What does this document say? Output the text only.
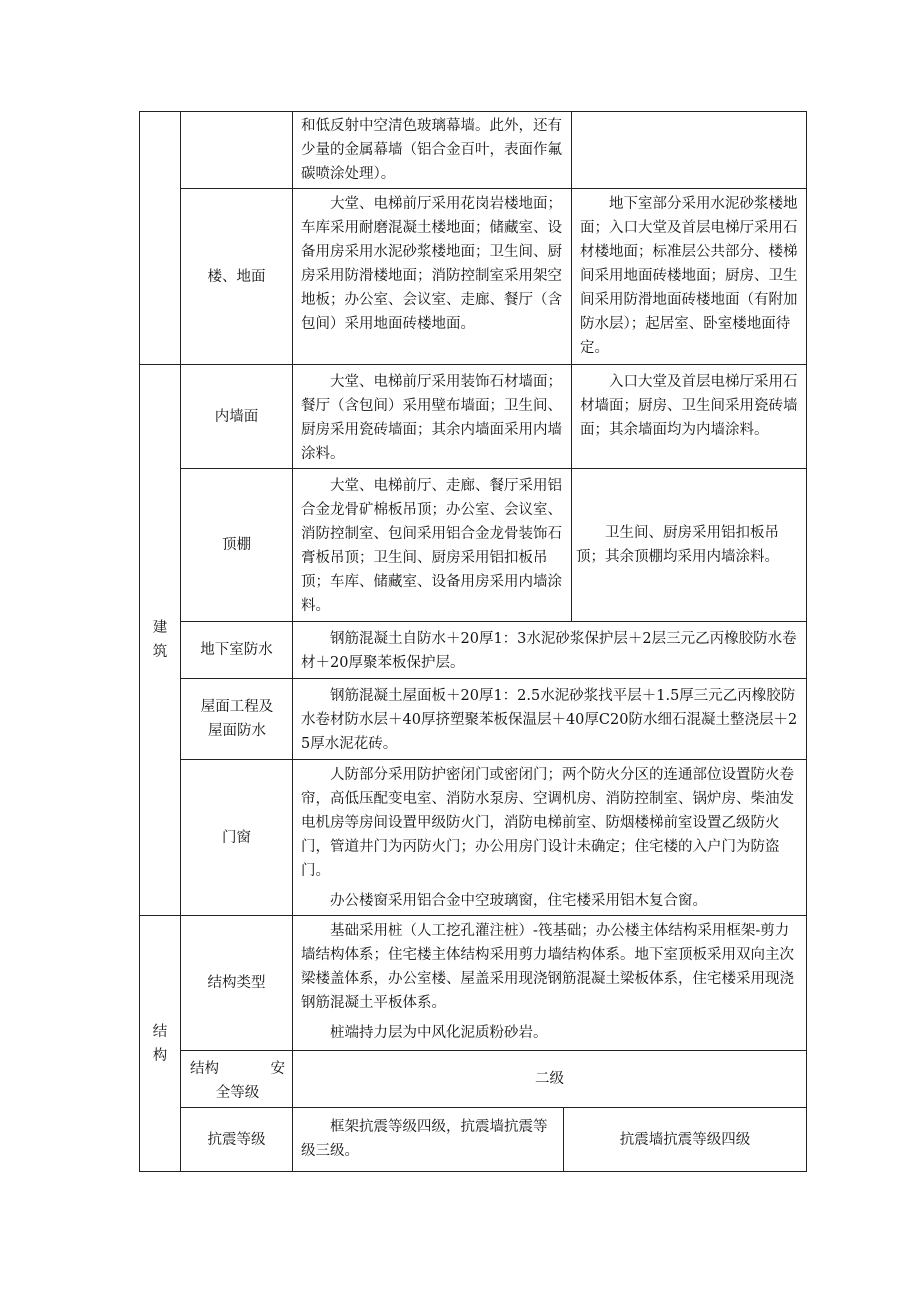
建筑
结构

和低反射中空清色玻璃幕墙。此外，还有少量的金属幕墙（铝合金百叶，表面作氟碳喷涂处理）。

楼、地面

大堂、电梯前厅采用花岗岩楼地面；车库采用耐磨混凝土楼地面；储藏室、设备用房采用水泥砂浆楼地面；卫生间、厨房采用防滑楼地面；消防控制室采用架空地板；办公室、会议室、走廊、餐厅（含包间）采用地面砖楼地面。

地下室部分采用水泥砂浆楼地面；入口大堂及首层电梯厅采用石材楼地面；标准层公共部分、楼梯间采用地面砖楼地面；厨房、卫生间采用防滑地面砖楼地面（有附加防水层）；起居室、卧室楼地面待定。

内墙面

大堂、电梯前厅采用装饰石材墙面；餐厅（含包间）采用壁布墙面；卫生间、厨房采用瓷砖墙面；其余内墙面采用内墙涂料。

入口大堂及首层电梯厅采用石材墙面；厨房、卫生间采用瓷砖墙面；其余墙面均为内墙涂料。

顶棚

大堂、电梯前厅、走廊、餐厅采用铝合金龙骨矿棉板吊顶；办公室、会议室、消防控制室、包间采用铝合金龙骨装饰石膏板吊顶；卫生间、厨房采用铝扣板吊顶；车库、储藏室、设备用房采用内墙涂料。

卫生间、厨房采用铝扣板吊顶；其余顶棚均采用内墙涂料。

地下室防水

钢筋混凝土自防水＋20厚1：3水泥砂浆保护层＋2层三元乙丙橡胶防水卷材＋20厚聚苯板保护层。

屋面工程及屋面防水

钢筋混凝土屋面板＋20厚1：2.5水泥砂浆找平层＋1.5厚三元乙丙橡胶防水卷材防水层＋40厚挤塑聚苯板保温层＋40厚C20防水细石混凝土整浇层＋25厚水泥花砖。

门窗

人防部分采用防护密闭门或密闭门；两个防火分区的连通部位设置防火卷帘，高低压配变电室、消防水泵房、空调机房、消防控制室、锅炉房、柴油发电机房等房间设置甲级防火门，消防电梯前室、防烟楼梯前室设置乙级防火门，管道井门为丙防火门；办公用房门设计未确定；住宅楼的入户门为防盗门。

办公楼窗采用铝合金中空玻璃窗，住宅楼采用铝木复合窗。

结构类型

基础采用桩（人工挖孔灌注桩）-筏基础；办公楼主体结构采用框架-剪力墙结构体系；住宅楼主体结构采用剪力墙结构体系。地下室顶板采用双向主次梁楼盖体系，办公室楼、屋盖采用现浇钢筋混凝土梁板体系，住宅楼采用现浇钢筋混凝土平板体系。

桩端持力层为中风化泥质粉砂岩。

结构	安
全等级
二级
抗震等级

框架抗震等级四级，抗震墙抗震等级三级。

抗震墙抗震等级四级
